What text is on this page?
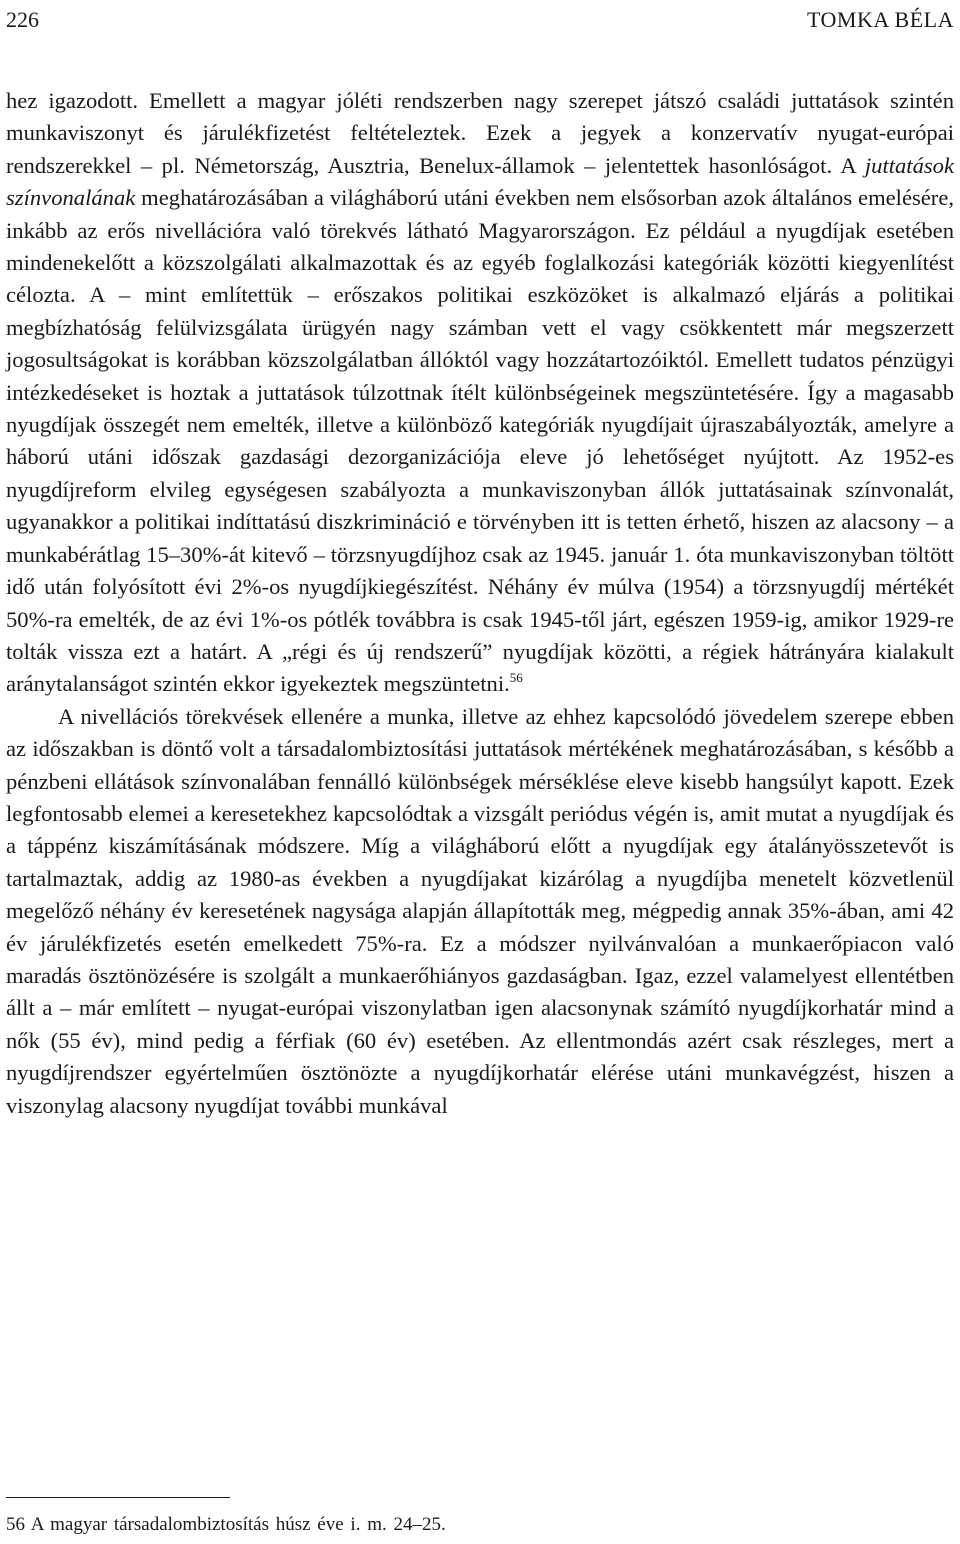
226	TOMKA BÉLA

hez igazodott. Emellett a magyar jóléti rendszerben nagy szerepet játszó családi juttatások szintén munkaviszonyt és járulékfizetést feltételeztek. Ezek a jegyek a konzervatív nyugat-európai rendszerekkel – pl. Németország, Ausztria, Benelux-államok – jelentettek hasonlóságot. A juttatások színvonalának meghatározásában a világháború utáni években nem elsősorban azok általános emelésére, inkább az erős nivellációra való törekvés látható Magyarországon. Ez például a nyugdíjak esetében mindenekelőtt a közszolgálati alkalmazottak és az egyéb foglalkozási kategóriák közötti kiegyenlítést célozta. A – mint említettük – erőszakos politikai eszközöket is alkalmazó eljárás a politikai megbízhatóság felülvizsgálata ürügyén nagy számban vett el vagy csökkentett már megszerzett jogosultságokat is korábban közszolgálatban állóktól vagy hozzátartozóiktól. Emellett tudatos pénzügyi intézkedéseket is hoztak a juttatások túlzottnak ítélt különbségeinek megszüntetésére. Így a magasabb nyugdíjak összegét nem emelték, illetve a különböző kategóriák nyugdíjait újraszabályozták, amelyre a háború utáni időszak gazdasági dezorganizációja eleve jó lehetőséget nyújtott. Az 1952-es nyugdíjreform elvileg egységesen szabályozta a munkaviszonyban állók juttatásainak színvonalát, ugyanakkor a politikai indíttatású diszkrimináció e törvényben itt is tetten érhető, hiszen az alacsony – a munkabérátlag 15–30%-át kitevő – törzsnyugdíjhoz csak az 1945. január 1. óta munkaviszonyban töltött idő után folyósított évi 2%-os nyugdíjkiegészítést. Néhány év múlva (1954) a törzsnyugdíj mértékét 50%-ra emelték, de az évi 1%-os pótlék továbbra is csak 1945-től járt, egészen 1959-ig, amikor 1929-re tolták vissza ezt a határt. A „régi és új rendszerű” nyugdíjak közötti, a régiek hátrányára kialakult aránytalanságot szintén ekkor igyekeztek megszüntetni.$^{56}$

A nivellációs törekvések ellenére a munka, illetve az ehhez kapcsolódó jövedelem szerepe ebben az időszakban is döntő volt a társadalombiztosítási juttatások mértékének meghatározásában, s később a pénzbeni ellátások színvonalában fennálló különbségek mérséklése eleve kisebb hangsúlyt kapott. Ezek legfontosabb elemei a keresetekhez kapcsolódtak a vizsgált periódus végén is, amit mutat a nyugdíjak és a táppénz kiszámításának módszere. Míg a világháború előtt a nyugdíjak egy átalányösszetevőt is tartalmaztak, addig az 1980-as években a nyugdíjakat kizárólag a nyugdíjba menetelt közvetlenül megelőző néhány év keresetének nagysága alapján állapították meg, mégpedig annak 35%-ában, ami 42 év járulékfizetés esetén emelkedett 75%-ra. Ez a módszer nyilvánvalóan a munkaerőpiacon való maradás ösztönözésére is szolgált a munkaerőhiányos gazdaságban. Igaz, ezzel valamelyest ellentétben állt a – már említett – nyugat-európai viszonylatban igen alacsonynak számító nyugdíjkorhatár mind a nők (55 év), mind pedig a férfiak (60 év) esetében. Az ellentmondás azért csak részleges, mert a nyugdíjrendszer egyértelműen ösztönözte a nyugdíjkorhatár elérése utáni munkavégzést, hiszen a viszonylag alacsony nyugdíjat további munkával

56 A magyar társadalombiztosítás húsz éve i. m. 24–25.
